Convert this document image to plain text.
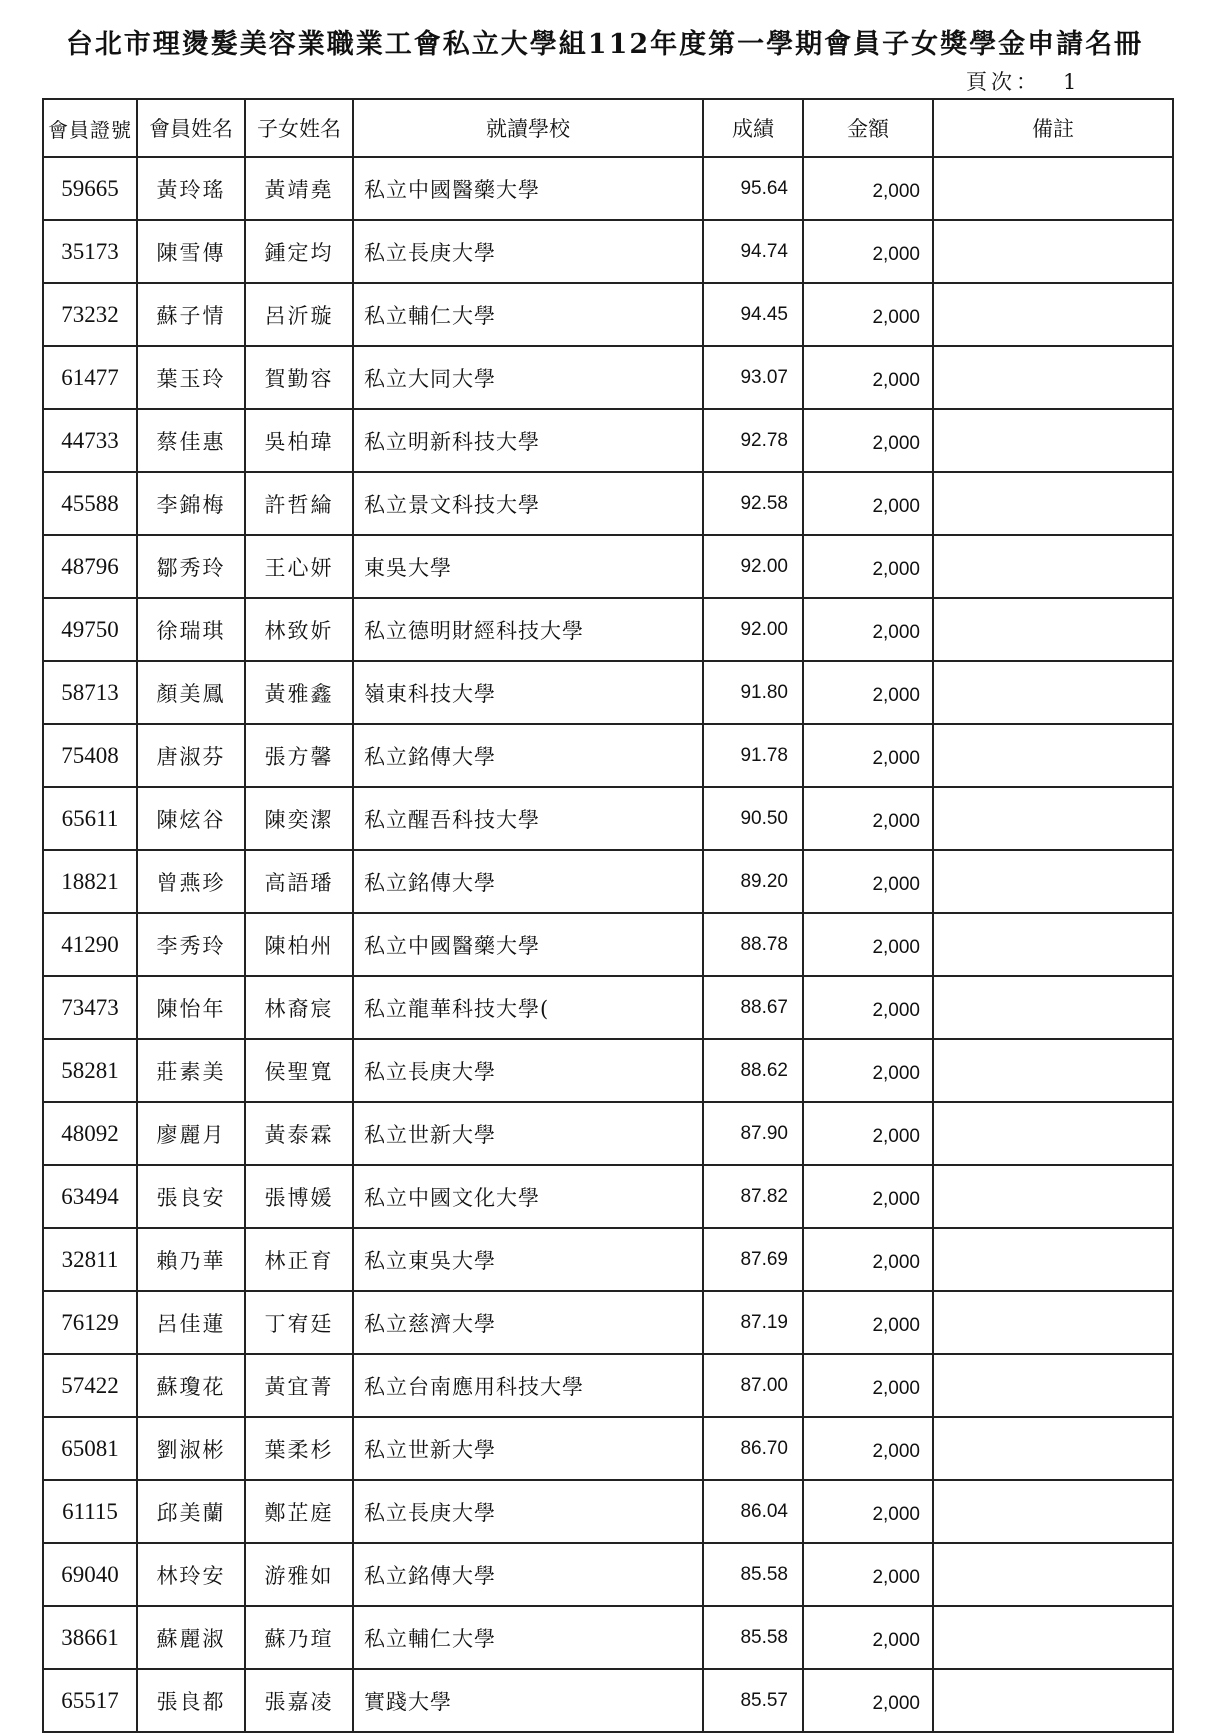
台北市理燙髮美容業職業工會私立大學組112年度第一學期會員子女獎學金申請名冊
頁次： 1
會員證號	會員姓名	子女姓名	就讀學校	成績	金額	備註
59665	黃玲瑤	黃靖堯	私立中國醫藥大學	95.64	2,000	
35173	陳雪傳	鍾定均	私立長庚大學	94.74	2,000	
73232	蘇子情	呂沂璇	私立輔仁大學	94.45	2,000	
61477	葉玉玲	賀勤容	私立大同大學	93.07	2,000	
44733	蔡佳惠	吳柏瑋	私立明新科技大學	92.78	2,000	
45588	李錦梅	許哲綸	私立景文科技大學	92.58	2,000	
48796	鄒秀玲	王心妍	東吳大學	92.00	2,000	
49750	徐瑞琪	林致妡	私立德明財經科技大學	92.00	2,000	
58713	顏美鳳	黃雅鑫	嶺東科技大學	91.80	2,000	
75408	唐淑芬	張方馨	私立銘傳大學	91.78	2,000	
65611	陳炫谷	陳奕潔	私立醒吾科技大學	90.50	2,000	
18821	曾燕珍	高語璠	私立銘傳大學	89.20	2,000	
41290	李秀玲	陳柏州	私立中國醫藥大學	88.78	2,000	
73473	陳怡年	林裔宸	私立龍華科技大學(	88.67	2,000	
58281	莊素美	侯聖寬	私立長庚大學	88.62	2,000	
48092	廖麗月	黃泰霖	私立世新大學	87.90	2,000	
63494	張良安	張博媛	私立中國文化大學	87.82	2,000	
32811	賴乃華	林正育	私立東吳大學	87.69	2,000	
76129	呂佳蓮	丁宥廷	私立慈濟大學	87.19	2,000	
57422	蘇瓊花	黃宜菁	私立台南應用科技大學	87.00	2,000	
65081	劉淑彬	葉柔杉	私立世新大學	86.70	2,000	
61115	邱美蘭	鄭芷庭	私立長庚大學	86.04	2,000	
69040	林玲安	游雅如	私立銘傳大學	85.58	2,000	
38661	蘇麗淑	蘇乃瑄	私立輔仁大學	85.58	2,000	
65517	張良都	張嘉凌	實踐大學	85.57	2,000	
